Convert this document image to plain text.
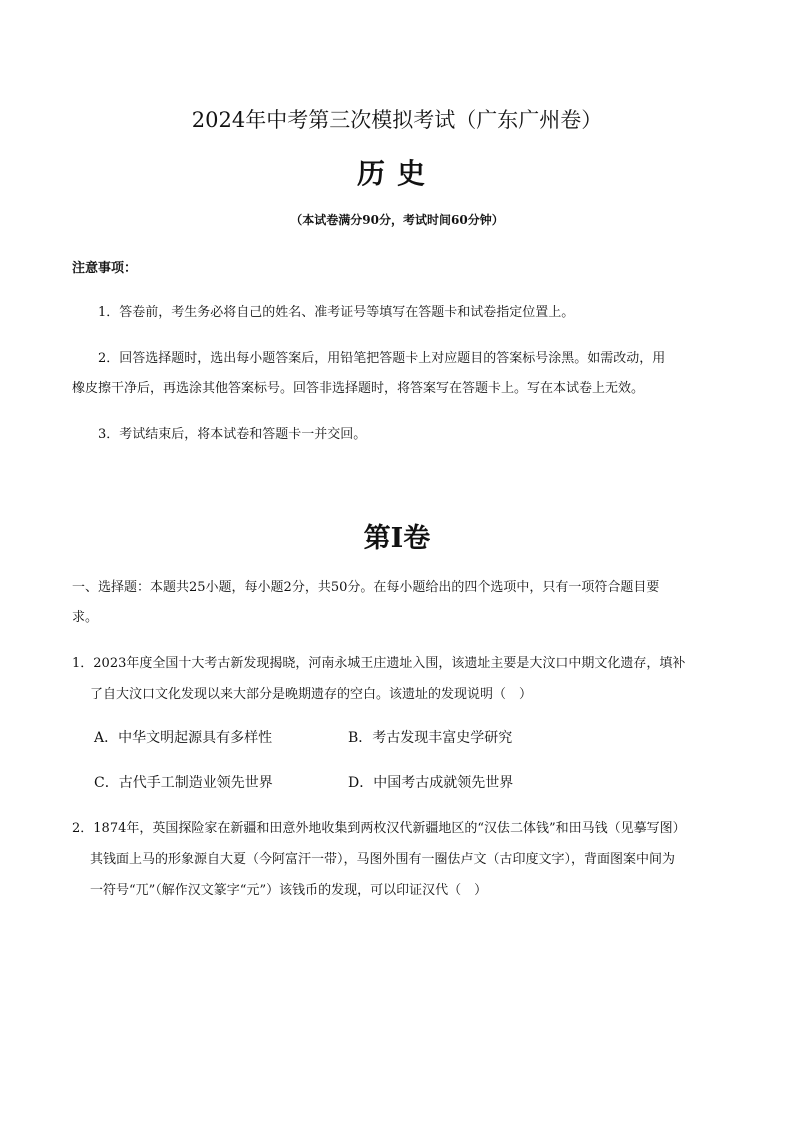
2024年中考第三次模拟考试（广东广州卷）
历史
（本试卷满分90分，考试时间60分钟）
注意事项：
1．答卷前，考生务必将自己的姓名、准考证号等填写在答题卡和试卷指定位置上。
2．回答选择题时，选出每小题答案后，用铅笔把答题卡上对应题目的答案标号涂黑。如需改动，用
橡皮擦干净后，再选涂其他答案标号。回答非选择题时，将答案写在答题卡上。写在本试卷上无效。
3．考试结束后，将本试卷和答题卡一并交回。
第Ⅰ卷
一、选择题：本题共25小题，每小题2分，共50分。在每小题给出的四个选项中，只有一项符合题目要
求。
1．2023年度全国十大考古新发现揭晓，河南永城王庄遗址入围，该遗址主要是大汶口中期文化遗存，填补
了自大汶口文化发现以来大部分是晚期遗存的空白。该遗址的发现说明（　）
A．中华文明起源具有多样性	B．考古发现丰富史学研究
C．古代手工制造业领先世界	D．中国考古成就领先世界
2．1874年，英国探险家在新疆和田意外地收集到两枚汉代新疆地区的“汉佉二体钱”和田马钱（见摹写图）
其钱面上马的形象源自大夏（今阿富汗一带），马图外围有一圈佉卢文（古印度文字），背面图案中间为
一符号“兀”（解作汉文篆字“元”）该钱币的发现，可以印证汉代（　）
